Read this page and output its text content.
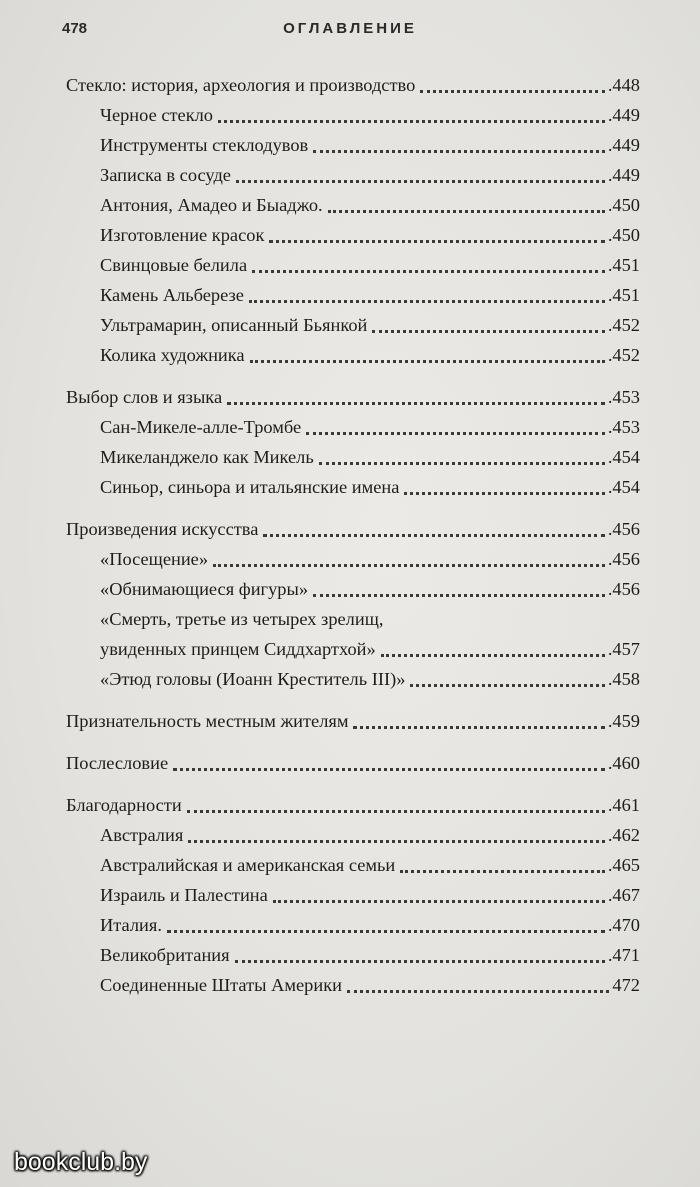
478	ОГЛАВЛЕНИЕ
Стекло: история, археология и производство	.448
Черное стекло	.449
Инструменты стеклодувов	.449
Записка в сосуде	.449
Антония, Амадео и Быаджо.	.450
Изготовление красок	.450
Свинцовые белила	.451
Камень Альберезе	.451
Ультрамарин, описанный Бьянкой	.452
Колика художника	.452
Выбор слов и языка	.453
Сан-Микеле-алле-Тромбе	.453
Микеланджело как Микель	.454
Синьор, синьора и итальянские имена	.454
Произведения искусства	.456
«Посещение»	.456
«Обнимающиеся фигуры»	.456
«Смерть, третье из четырех зрелищ,
увиденных принцем Сиддхартхой»	.457
«Этюд головы (Иоанн Креститель III)»	.458
Признательность местным жителям	.459
Послесловие	.460
Благодарности	.461
Австралия	.462
Австралийская и американская семьи	.465
Израиль и Палестина	.467
Италия.	.470
Великобритания	.471
Соединенные Штаты Америки	472
bookclub.by
